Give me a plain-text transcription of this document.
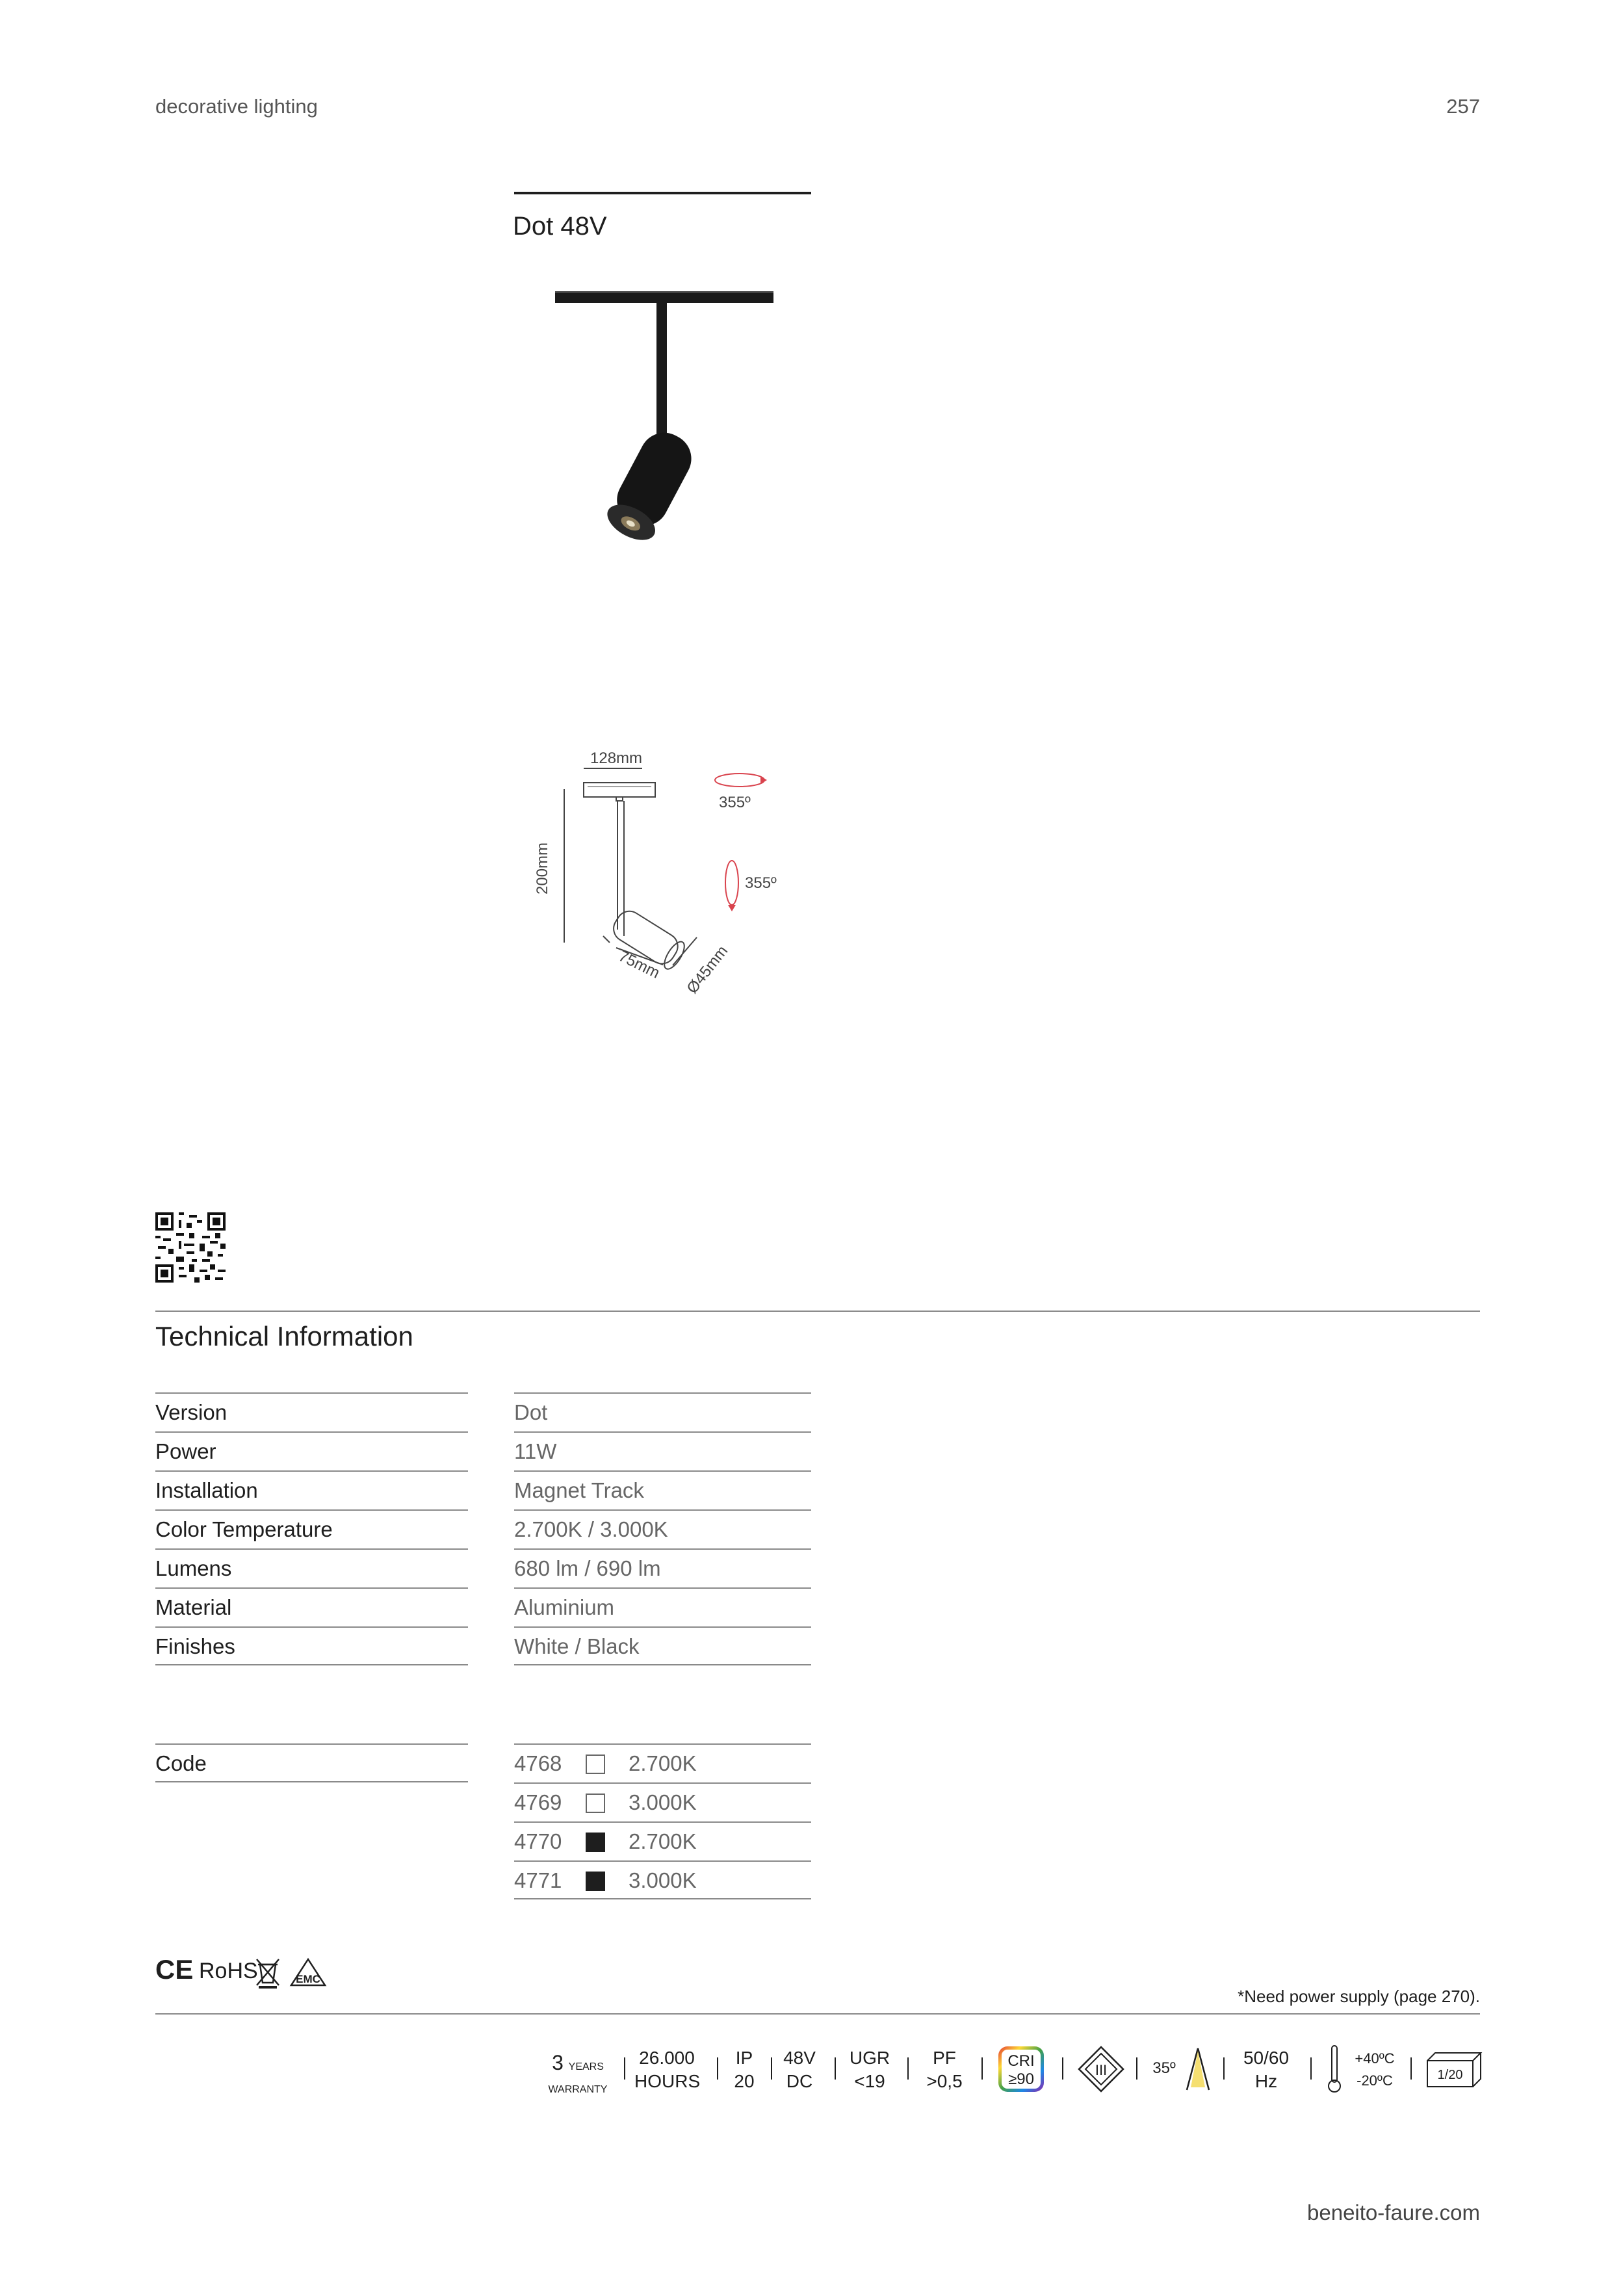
decorative lighting	257
Dot 48V
128mm
200mm
75mm Ø45mm
355º
355º
Technical Information
Version	Dot
Power	11W
Installation	Magnet Track
Color Temperature	2.700K / 3.000K
Lumens	680 lm / 690 lm
Material	Aluminium
Finishes	White / Black
Code	4768	2.700K
4769	3.000K
4770	2.700K
4771	3.000K
CE RoHS	EMC
*Need power supply (page 270).
3 YEARS
WARRANTY
26.000
HOURS
IP
20
48V
DC
UGR
<19
PF
>0,5
CRI
≥90
III	35º
50/60
Hz
+40ºC
-20ºC	1/20
beneito-faure.com
